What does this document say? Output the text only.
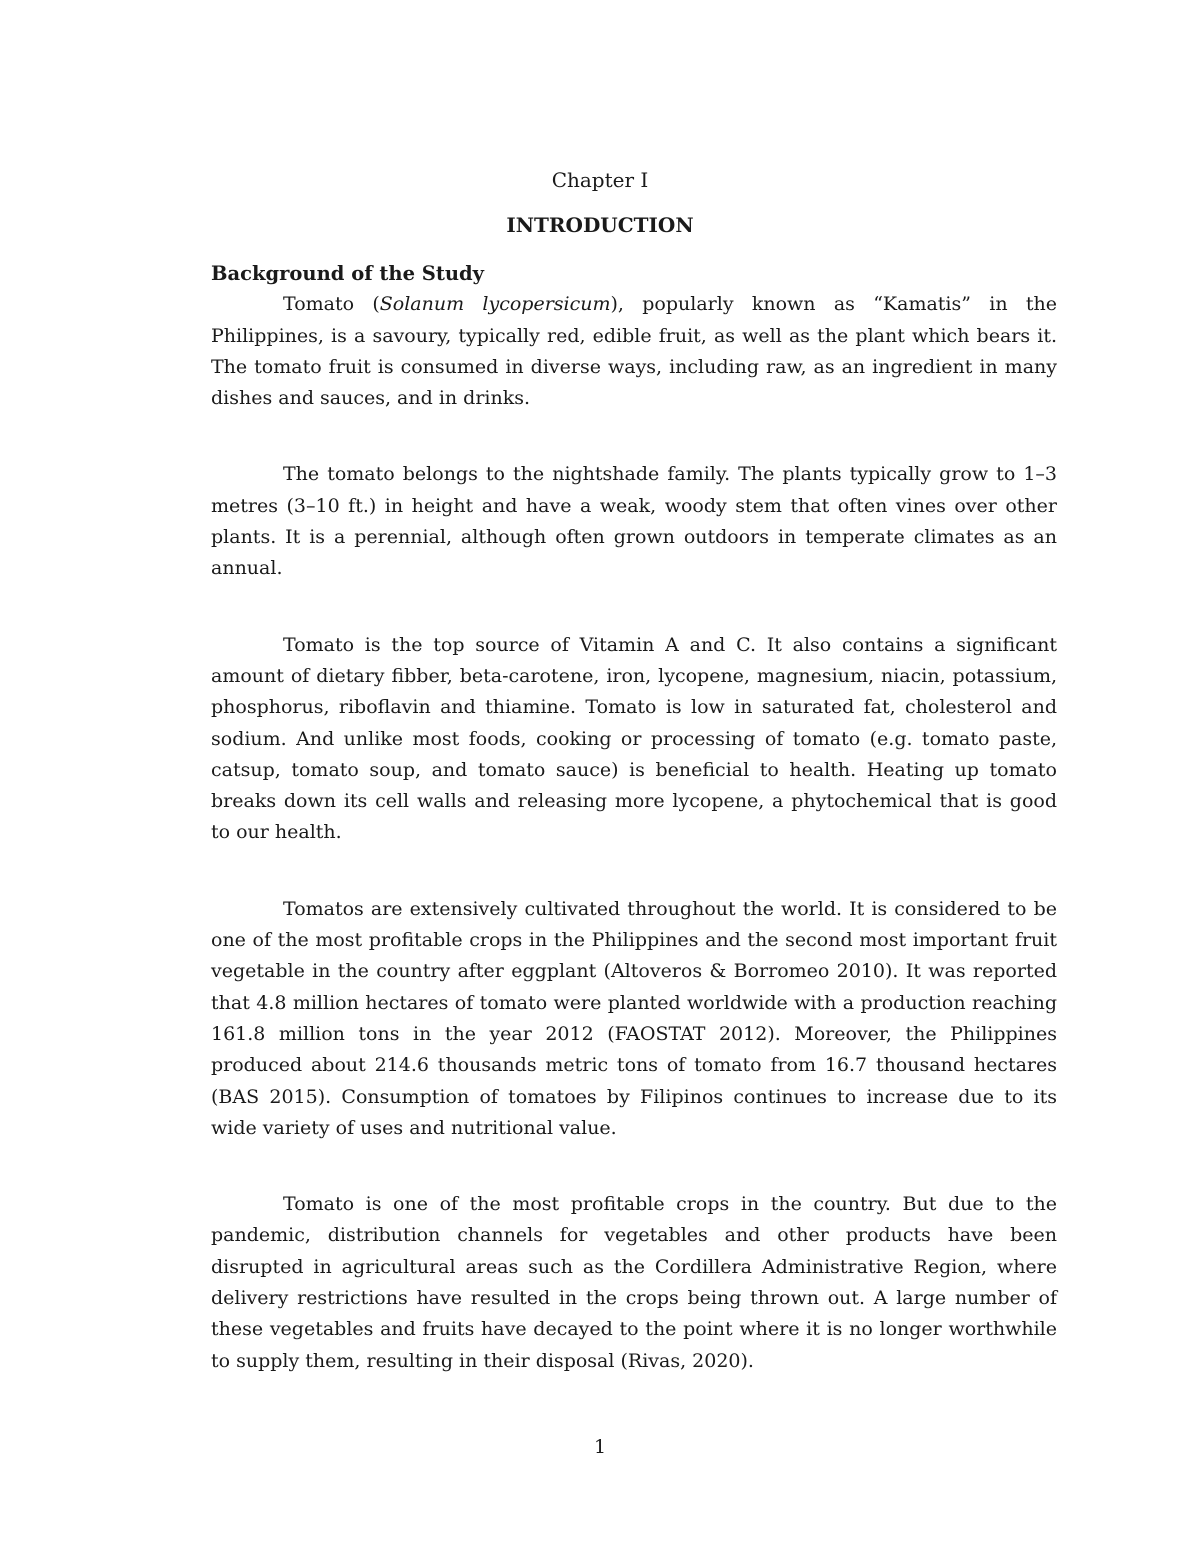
Chapter I
INTRODUCTION

Background of the Study

Tomato (Solanum lycopersicum), popularly known as “Kamatis” in the Philippines, is a savoury, typically red, edible fruit, as well as the plant which bears it. The tomato fruit is consumed in diverse ways, including raw, as an ingredient in many dishes and sauces, and in drinks.

The tomato belongs to the nightshade family. The plants typically grow to 1–3 metres (3–10 ft.) in height and have a weak, woody stem that often vines over other plants. It is a perennial, although often grown outdoors in temperate climates as an annual.

Tomato is the top source of Vitamin A and C. It also contains a significant amount of dietary fibber, beta-carotene, iron, lycopene, magnesium, niacin, potassium, phosphorus, riboflavin and thiamine. Tomato is low in saturated fat, cholesterol and sodium. And unlike most foods, cooking or processing of tomato (e.g. tomato paste, catsup, tomato soup, and tomato sauce) is beneficial to health. Heating up tomato breaks down its cell walls and releasing more lycopene, a phytochemical that is good to our health.

Tomatos are extensively cultivated throughout the world. It is considered to be one of the most profitable crops in the Philippines and the second most important fruit vegetable in the country after eggplant (Altoveros & Borromeo 2010). It was reported that 4.8 million hectares of tomato were planted worldwide with a production reaching 161.8 million tons in the year 2012 (FAOSTAT 2012). Moreover, the Philippines produced about 214.6 thousands metric tons of tomato from 16.7 thousand hectares (BAS 2015). Consumption of tomatoes by Filipinos continues to increase due to its wide variety of uses and nutritional value.

Tomato is one of the most profitable crops in the country. But due to the pandemic, distribution channels for vegetables and other products have been disrupted in agricultural areas such as the Cordillera Administrative Region, where delivery restrictions have resulted in the crops being thrown out. A large number of these vegetables and fruits have decayed to the point where it is no longer worthwhile to supply them, resulting in their disposal (Rivas, 2020).

1
